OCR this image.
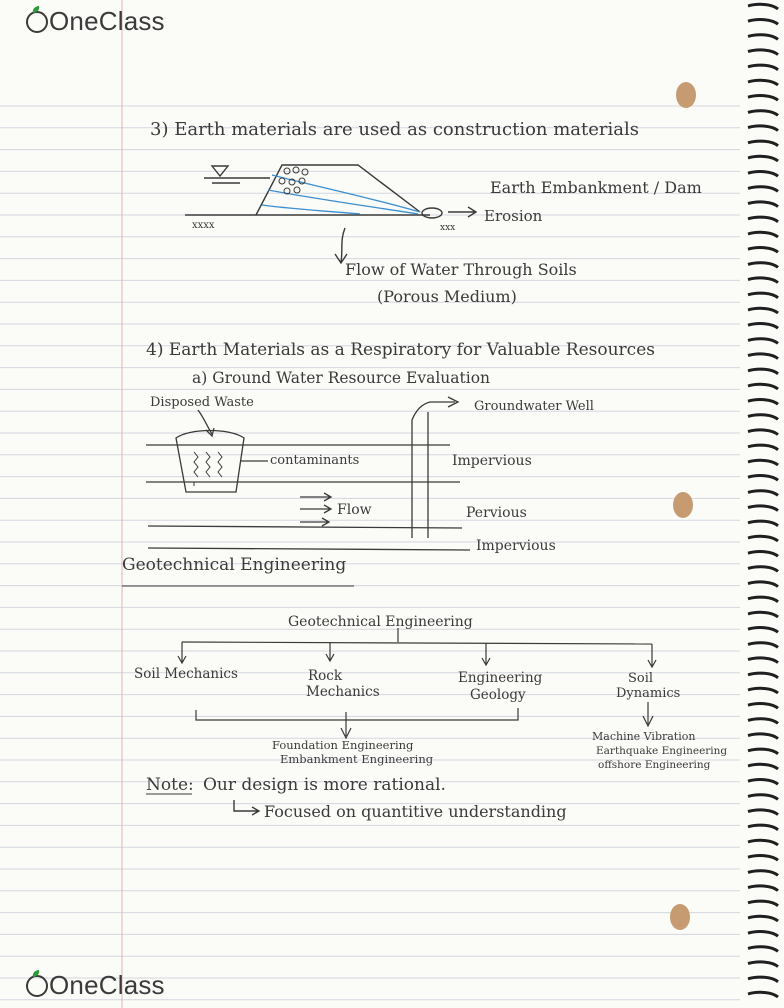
3) Earth materials are used as construction materials
xxxx	xxx
Earth Embankment / Dam
Erosion
Flow of Water Through Soils
(Porous Medium)
4) Earth Materials as a Respiratory for Valuable Resources
a) Ground Water Resource Evaluation
Disposed Waste	Groundwater Well
contaminants	Impervious
Flow	Pervious
Impervious
Geotechnical Engineering
Geotechnical Engineering
Soil Mechanics	Rock
Mechanics
Engineering
Geology
Soil
Dynamics
Foundation Engineering
Embankment Engineering
Machine Vibration
Earthquake Engineering
offshore Engineering
Note: Our design is more rational.
Focused on quantitive understanding
OneClass
OneClass
